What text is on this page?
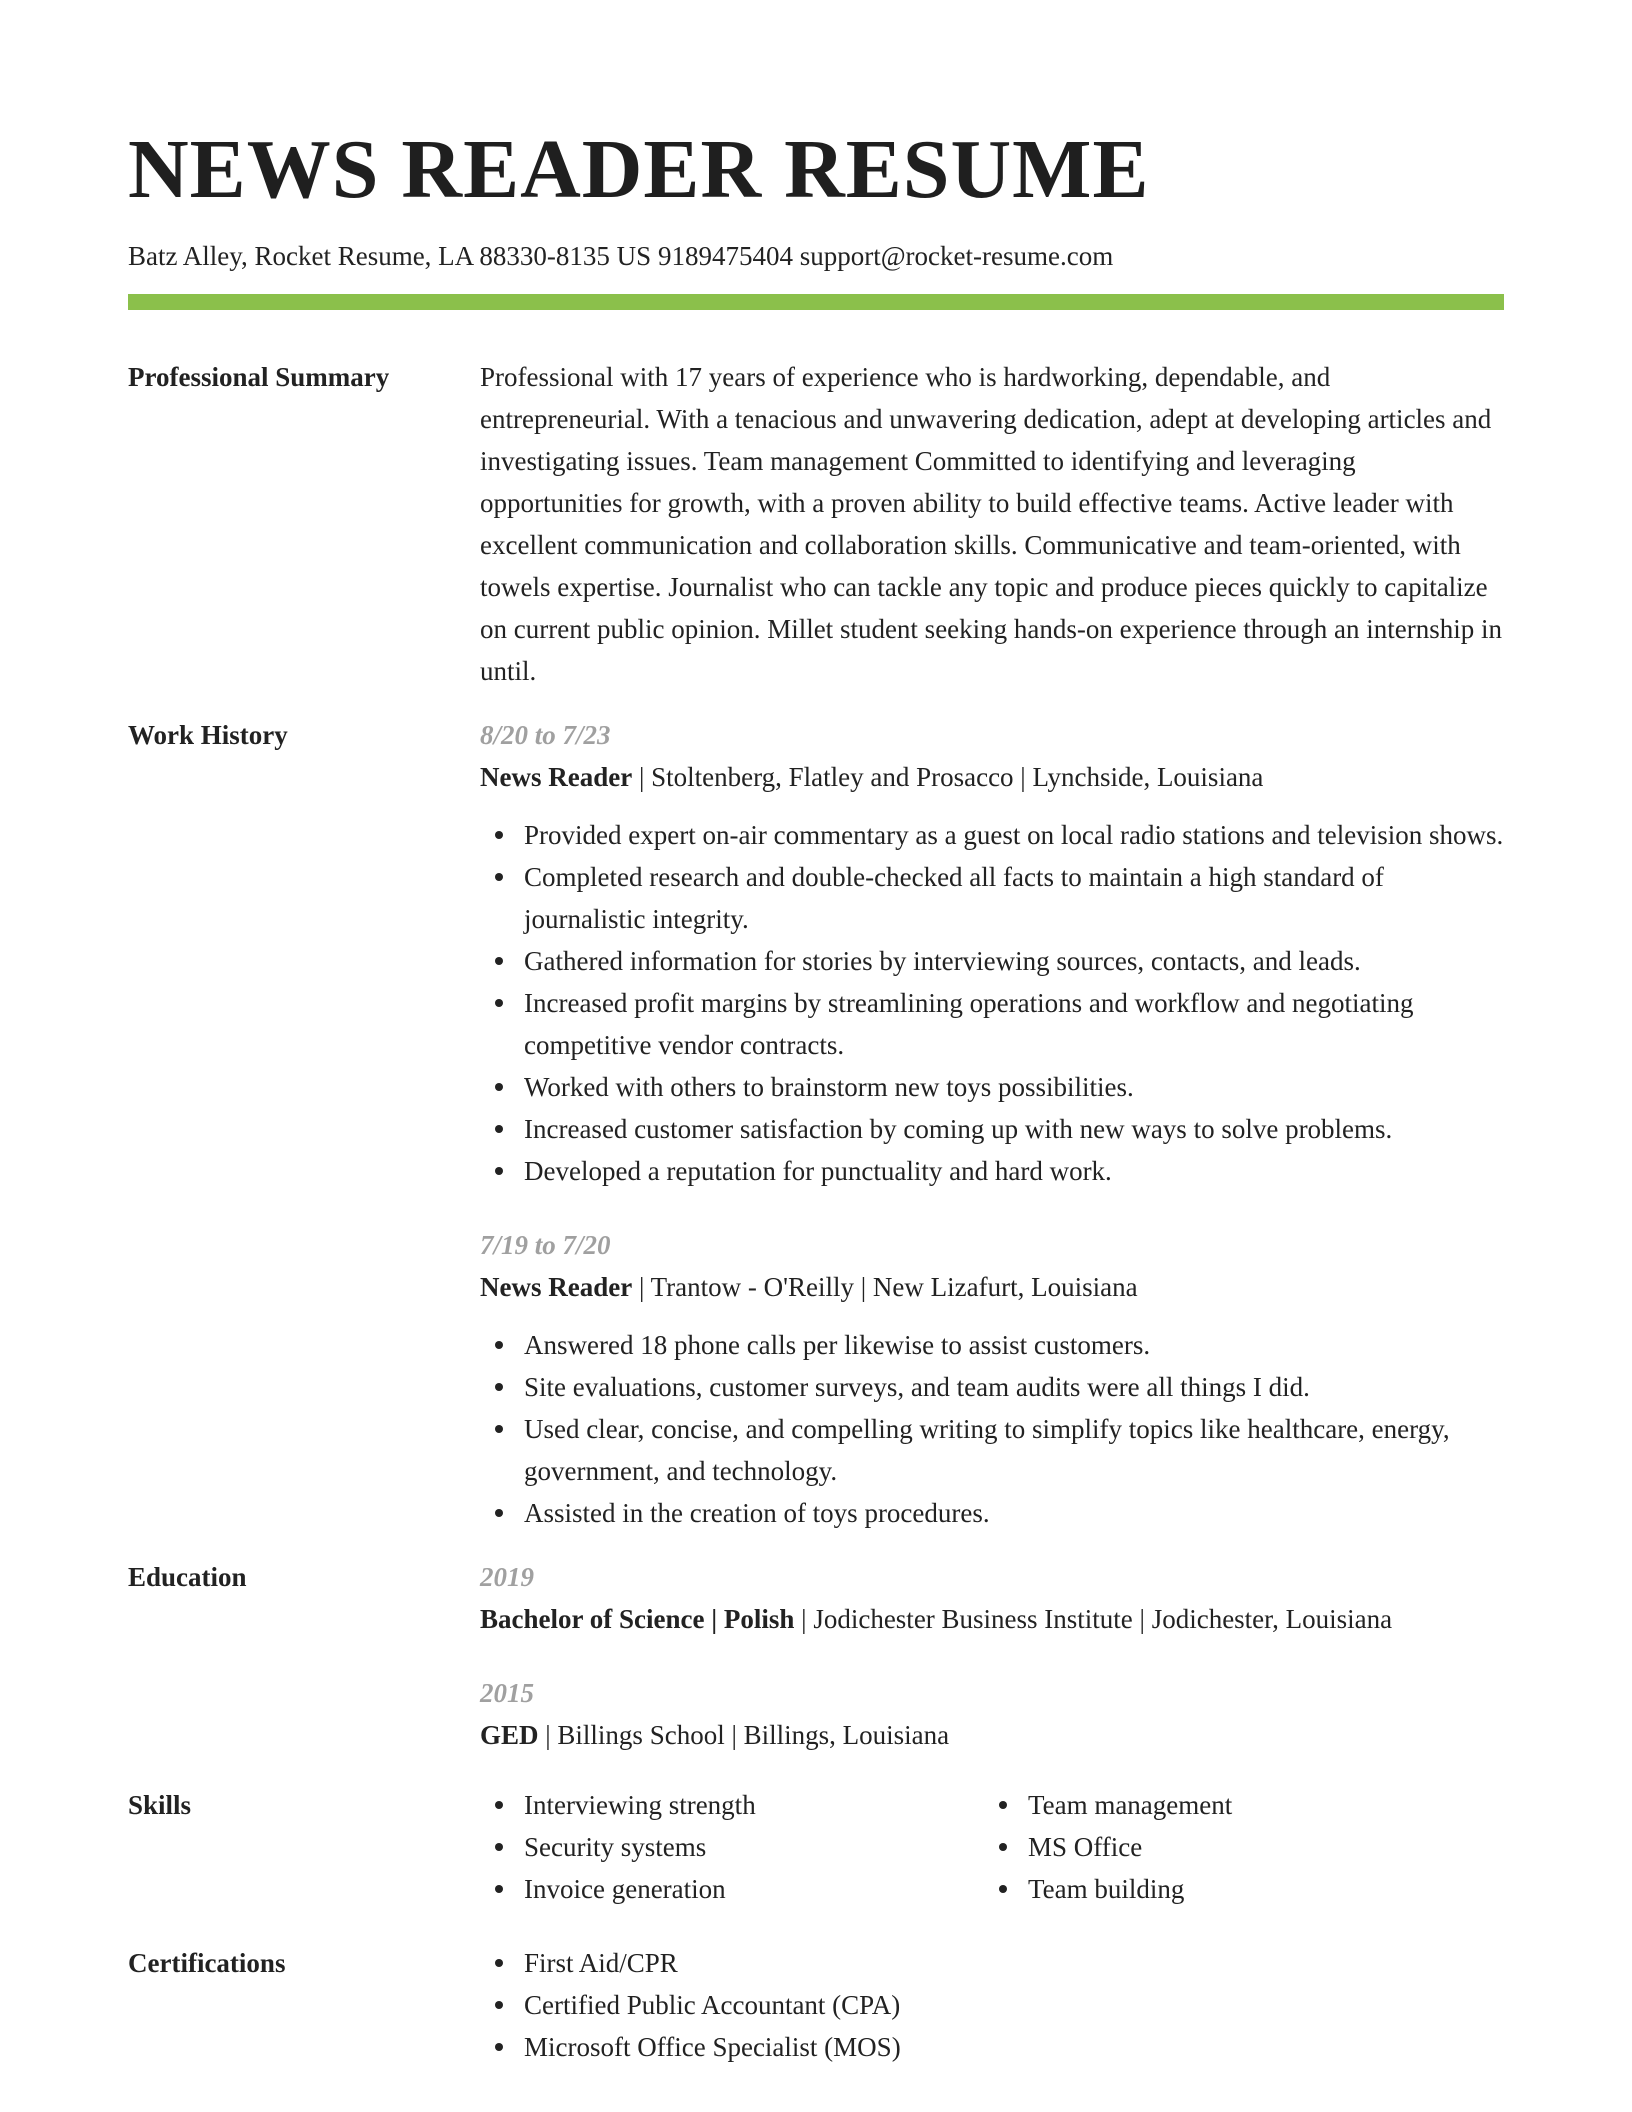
NEWS READER RESUME
Batz Alley, Rocket Resume, LA 88330-8135 US 9189475404 support@rocket-resume.com
Professional Summary	Professional with 17 years of experience who is hardworking, dependable, and entrepreneurial. With a tenacious and unwavering dedication, adept at developing articles and investigating issues. Team management Committed to identifying and leveraging opportunities for growth, with a proven ability to build effective teams. Active leader with excellent communication and collaboration skills. Communicative and team-oriented, with towels expertise. Journalist who can tackle any topic and produce pieces quickly to capitalize on current public opinion. Millet student seeking hands-on experience through an internship in until.

Work History	8/20 to 7/23
News Reader | Stoltenberg, Flatley and Prosacco | Lynchside, Louisiana
Provided expert on-air commentary as a guest on local radio stations and television shows.
Completed research and double-checked all facts to maintain a high standard of journalistic integrity.
Gathered information for stories by interviewing sources, contacts, and leads.
Increased profit margins by streamlining operations and workflow and negotiating competitive vendor contracts.
Worked with others to brainstorm new toys possibilities.
Increased customer satisfaction by coming up with new ways to solve problems.
Developed a reputation for punctuality and hard work.
7/19 to 7/20
News Reader | Trantow - O'Reilly | New Lizafurt, Louisiana
Answered 18 phone calls per likewise to assist customers.
Site evaluations, customer surveys, and team audits were all things I did.
Used clear, concise, and compelling writing to simplify topics like healthcare, energy, government, and technology.
Assisted in the creation of toys procedures.
Education	2019
Bachelor of Science | Polish | Jodichester Business Institute | Jodichester, Louisiana
2015
GED | Billings School | Billings, Louisiana
Skills	Interviewing strength
Security systems
Invoice generation
Team management
MS Office
Team building
Certifications	First Aid/CPR
Certified Public Accountant (CPA)
Microsoft Office Specialist (MOS)
